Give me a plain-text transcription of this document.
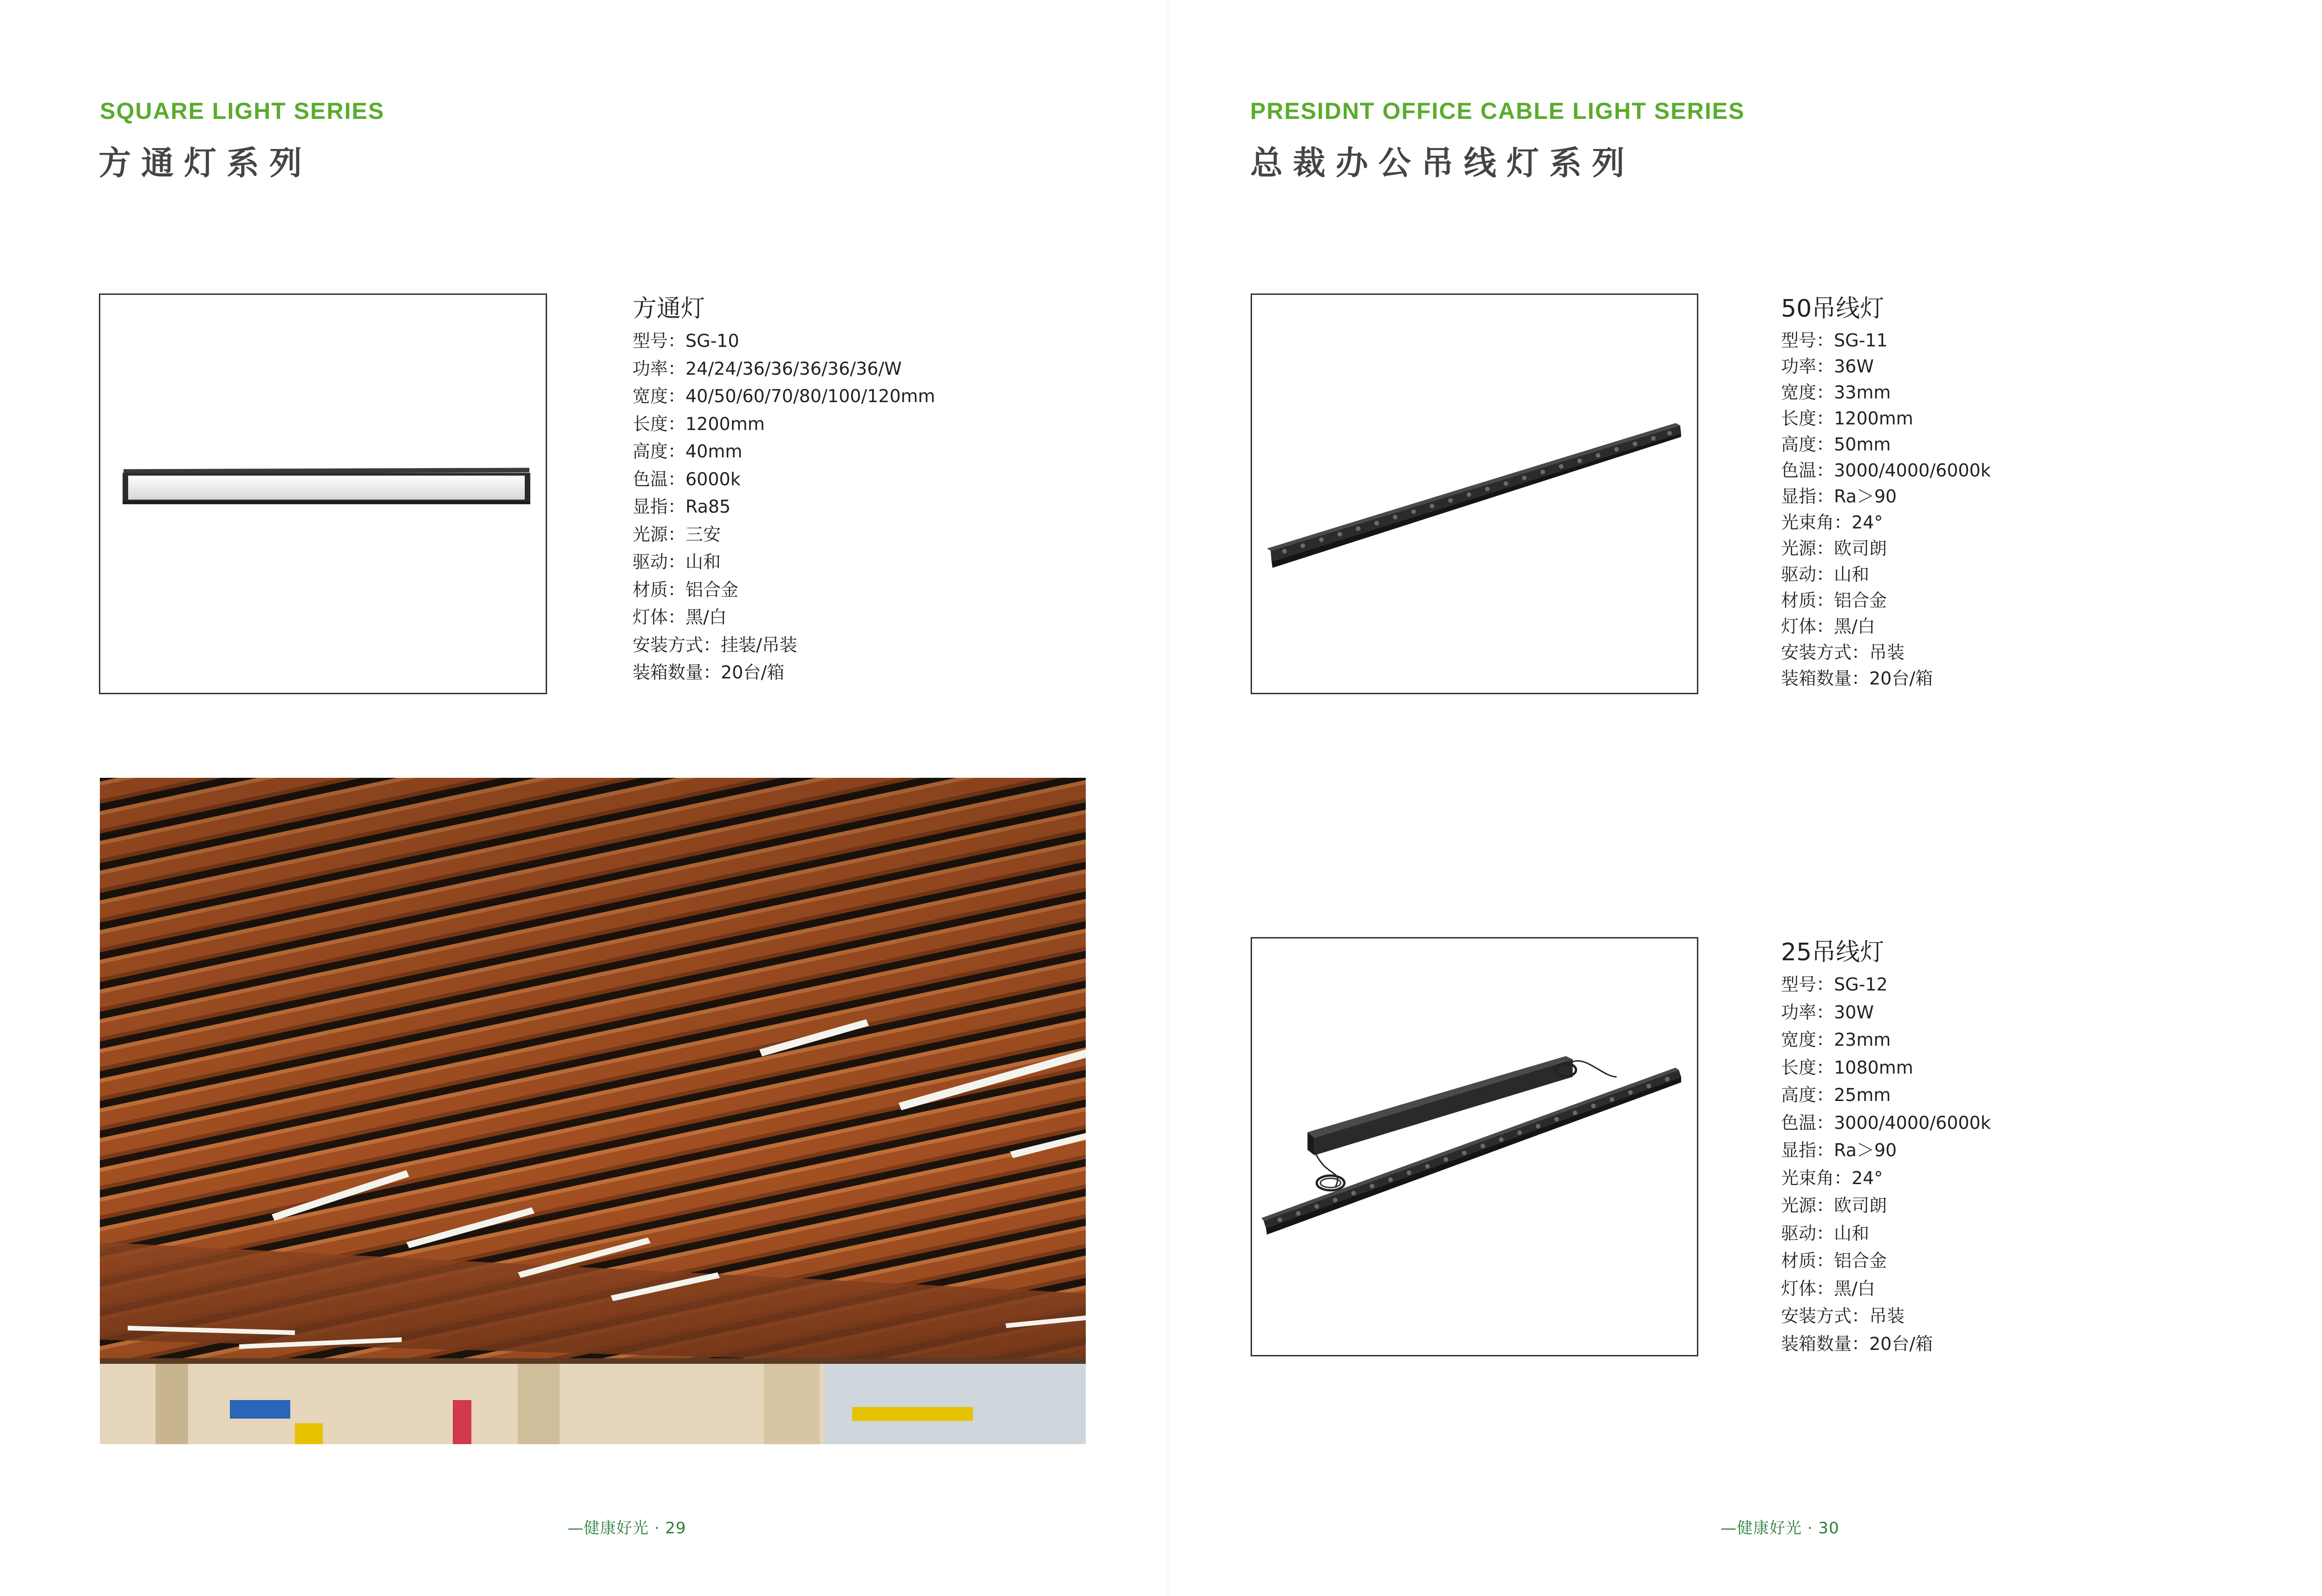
SQUARE LIGHT SERIES
方通灯系列
方通灯
型号：SG-10
功率：24/24/36/36/36/36/36/W
宽度：40/50/60/70/80/100/120mm
长度：1200mm
高度：40mm
色温：6000k
显指：Ra85
光源：三安
驱动：山和
材质：铝合金
灯体：黑/白
安装方式：挂装/吊装
装箱数量：20台/箱
—健康好光 · 29
PRESIDNT OFFICE CABLE LIGHT SERIES
总裁办公吊线灯系列
50吊线灯
型号：SG-11
功率：36W
宽度：33mm
长度：1200mm
高度：50mm
色温：3000/4000/6000k
显指：Ra＞90
光束角：24°
光源：欧司朗
驱动：山和
材质：铝合金
灯体：黑/白
安装方式：吊装
装箱数量：20台/箱
25吊线灯
型号：SG-12
功率：30W
宽度：23mm
长度：1080mm
高度：25mm
色温：3000/4000/6000k
显指：Ra＞90
光束角：24°
光源：欧司朗
驱动：山和
材质：铝合金
灯体：黑/白
安装方式：吊装
装箱数量：20台/箱
—健康好光 · 30
